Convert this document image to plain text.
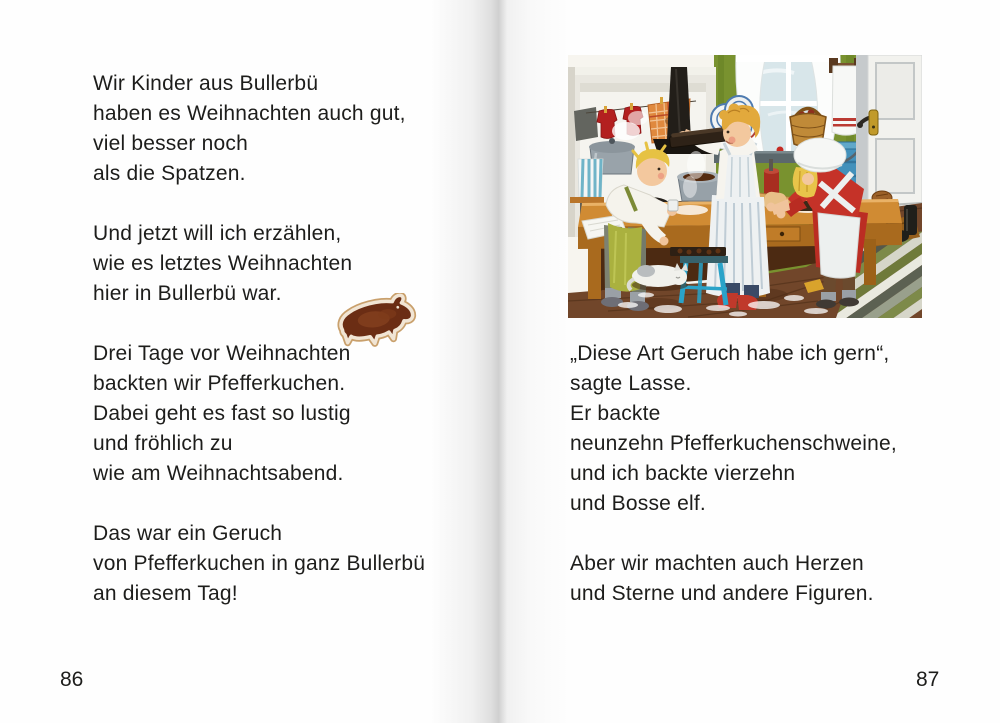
Wir Kinder aus Bullerbü
haben es Weihnachten auch gut,
viel besser noch
als die Spatzen.
Und jetzt will ich erzählen,
wie es letztes Weihnachten
hier in Bullerbü war.
Drei Tage vor Weihnachten
backten wir Pfefferkuchen.
Dabei geht es fast so lustig
und fröhlich zu
wie am Weihnachtsabend.
Das war ein Geruch
von Pfefferkuchen in ganz Bullerbü
an diesem Tag!
86
„Diese Art Geruch habe ich gern“,
sagte Lasse.
Er backte
neunzehn Pfefferkuchenschweine,
und ich backte vierzehn
und Bosse elf.
Aber wir machten auch Herzen
und Sterne und andere Figuren.
87
